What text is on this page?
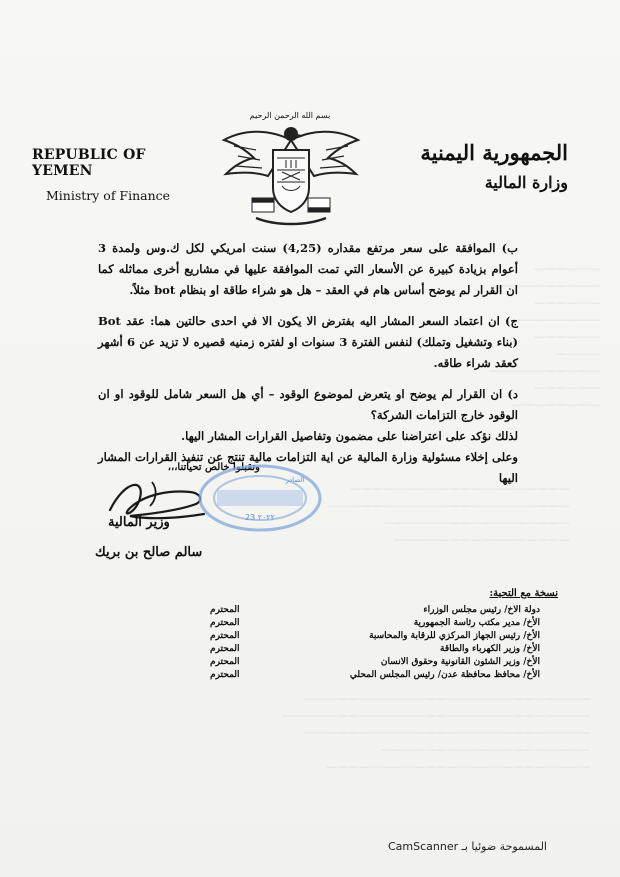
——————
——————————
——————
————————
——————
————
——————————
——————
————————
————————————————————
——————————————————————
—————————————————
————————————————
——————————————————————————
————————————————————————————
——————————————————————————
———————————————————
————————————————————————
REPUBLIC OF YEMEN
Ministry of Finance
بسم الله الرحمن الرحيم
الجمهورية اليمنية
وزارة المالية

ب) الموافقة على سعر مرتفع مقداره (4,25) سنت امريكي لكل ك.وس ولمدة 3 أعوام بزيادة كبيرة عن الأسعار التي تمت الموافقة عليها في مشاريع أخرى مماثله كما ان القرار لم يوضح أساس هام في العقد – هل هو شراء طاقة او بنظام bot مثلاً.

ج) ان اعتماد السعر المشار اليه بفترض الا يكون الا في احدى حالتين هما: عقد Bot (بناء وتشغيل وتملك) لنفس الفترة 3 سنوات او لفتره زمنيه قصيره لا تزيد عن 6 أشهر كعقد شراء طاقه.

د) ان القرار لم يوضح او يتعرض لموضوع الوقود – أي هل السعر شامل للوقود او ان الوقود خارج التزامات الشركة؟

لذلك نؤكد على اعتراضنا على مضمون وتفاصيل القرارات المشار اليها.

وعلى إخلاء مسئولية وزارة المالية عن اية التزامات مالية تنتج عن تنفيذ القرارات المشار اليها

وتقبلوا خالص تحياتنا،،،
23 ٢٠٢٢
الصادر
وزير المالية
سالم صالح بن بريك
نسخة مع التحية:
دولة الاخ/ رئيس مجلس الوزراء
المحترم
الأخ/ مدير مكتب رئاسة الجمهورية
المحترم
الأخ/ رئيس الجهاز المركزي للرقابة والمحاسبة
المحترم
الأخ/ وزير الكهرباء والطاقة
المحترم
الأخ/ وزير الشئون القانونية وحقوق الانسان
المحترم
الأخ/ محافظ محافظة عدن/ رئيس المجلس المحلي
المحترم
CamScanner المسموحة ضوئيا بـ
